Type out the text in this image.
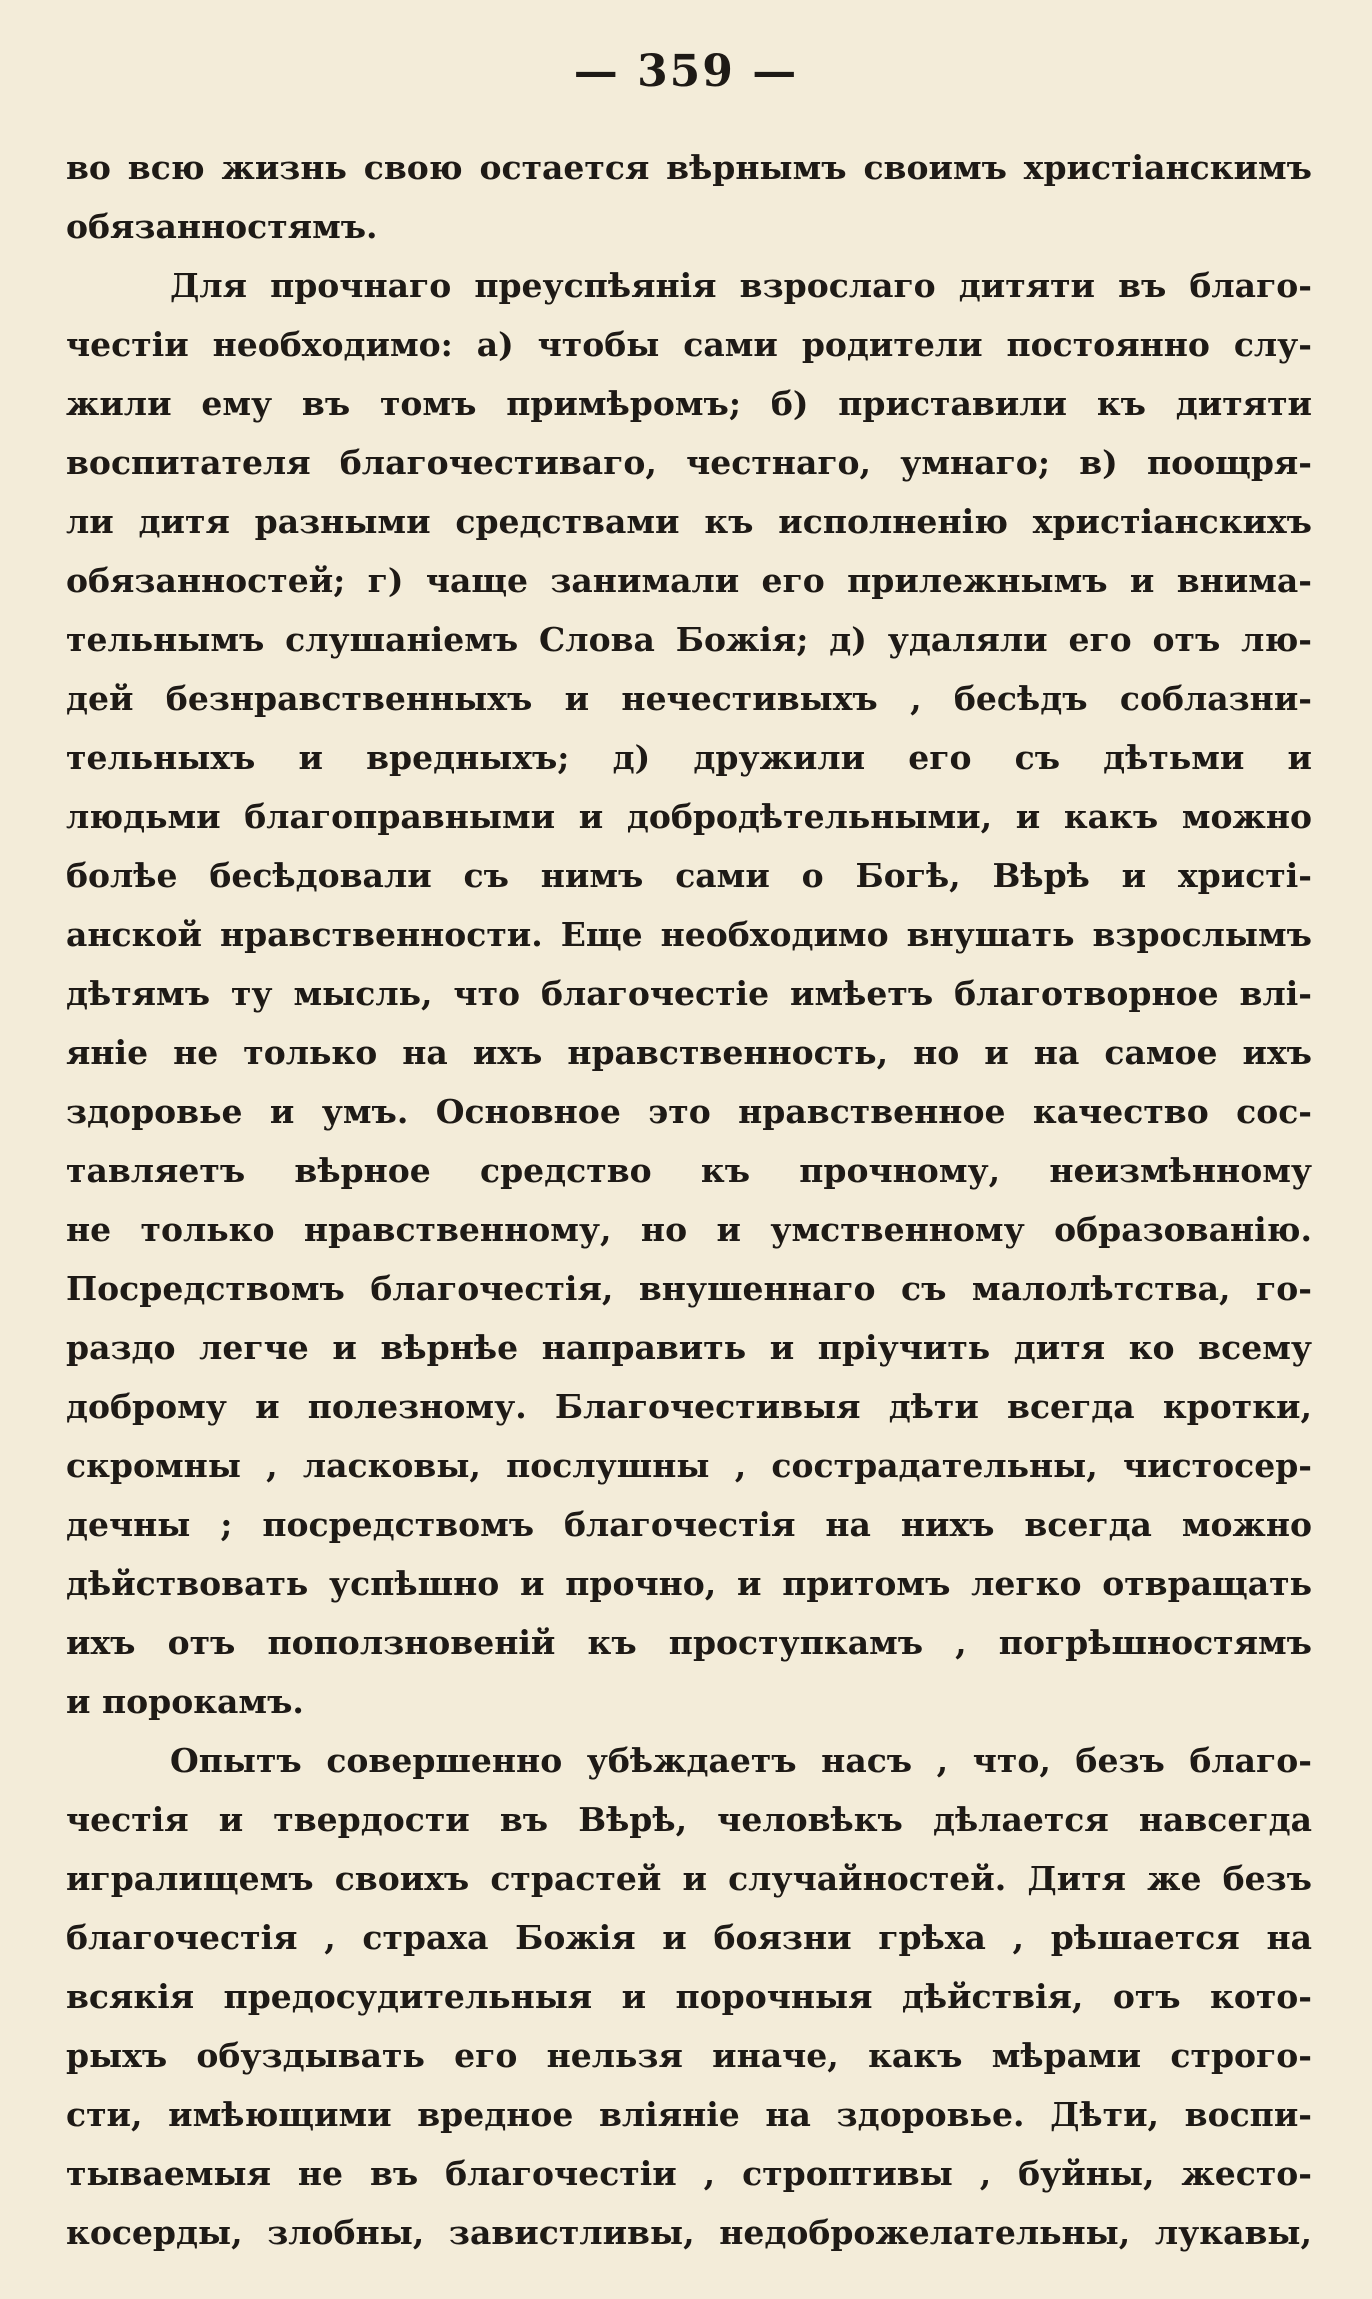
— 359 —
во всю жизнь свою остается вѣрнымъ своимъ христіанскимъ
обязанностямъ.
Для прочнаго преуспѣянія взрослаго дитяти въ благо-
честіи необходимо: а) чтобы сами родители постоянно слу-
жили ему въ томъ примѣромъ; б) приставили къ дитяти
воспитателя благочестиваго, честнаго, умнаго; в) поощря-
ли дитя разными средствами къ исполненію христіанскихъ
обязанностей; г) чаще занимали его прилежнымъ и внима-
тельнымъ слушаніемъ Слова Божія; д) удаляли его отъ лю-
дей безнравственныхъ и нечестивыхъ , бесѣдъ соблазни-
тельныхъ и вредныхъ; д) дружили его съ дѣтьми и
людьми благоправными и добродѣтельными, и какъ можно
болѣе бесѣдовали съ нимъ сами о Богѣ, Вѣрѣ и христі-
анской нравственности. Еще необходимо внушать взрослымъ
дѣтямъ ту мысль, что благочестіе имѣетъ благотворное влі-
яніе не только на ихъ нравственность, но и на самое ихъ
здоровье и умъ. Основное это нравственное качество сос-
тавляетъ вѣрное средство къ прочному, неизмѣнному
не только нравственному, но и умственному образованію.
Посредствомъ благочестія, внушеннаго съ малолѣтства, го-
раздо легче и вѣрнѣе направить и пріучить дитя ко всему
доброму и полезному. Благочестивыя дѣти всегда кротки,
скромны , ласковы, послушны , сострадательны, чистосер-
дечны ; посредствомъ благочестія на нихъ всегда можно
дѣйствовать успѣшно и прочно, и притомъ легко отвращать
ихъ отъ поползновеній къ проступкамъ , погрѣшностямъ
и порокамъ.
Опытъ совершенно убѣждаетъ насъ , что, безъ благо-
честія и твердости въ Вѣрѣ, человѣкъ дѣлается навсегда
игралищемъ своихъ страстей и случайностей. Дитя же безъ
благочестія , страха Божія и боязни грѣха , рѣшается на
всякія предосудительныя и порочныя дѣйствія, отъ кото-
рыхъ обуздывать его нельзя иначе, какъ мѣрами строго-
сти, имѣющими вредное вліяніе на здоровье. Дѣти, воспи-
тываемыя не въ благочестіи , строптивы , буйны, жесто-
косерды, злобны, завистливы, недоброжелательны, лукавы,
